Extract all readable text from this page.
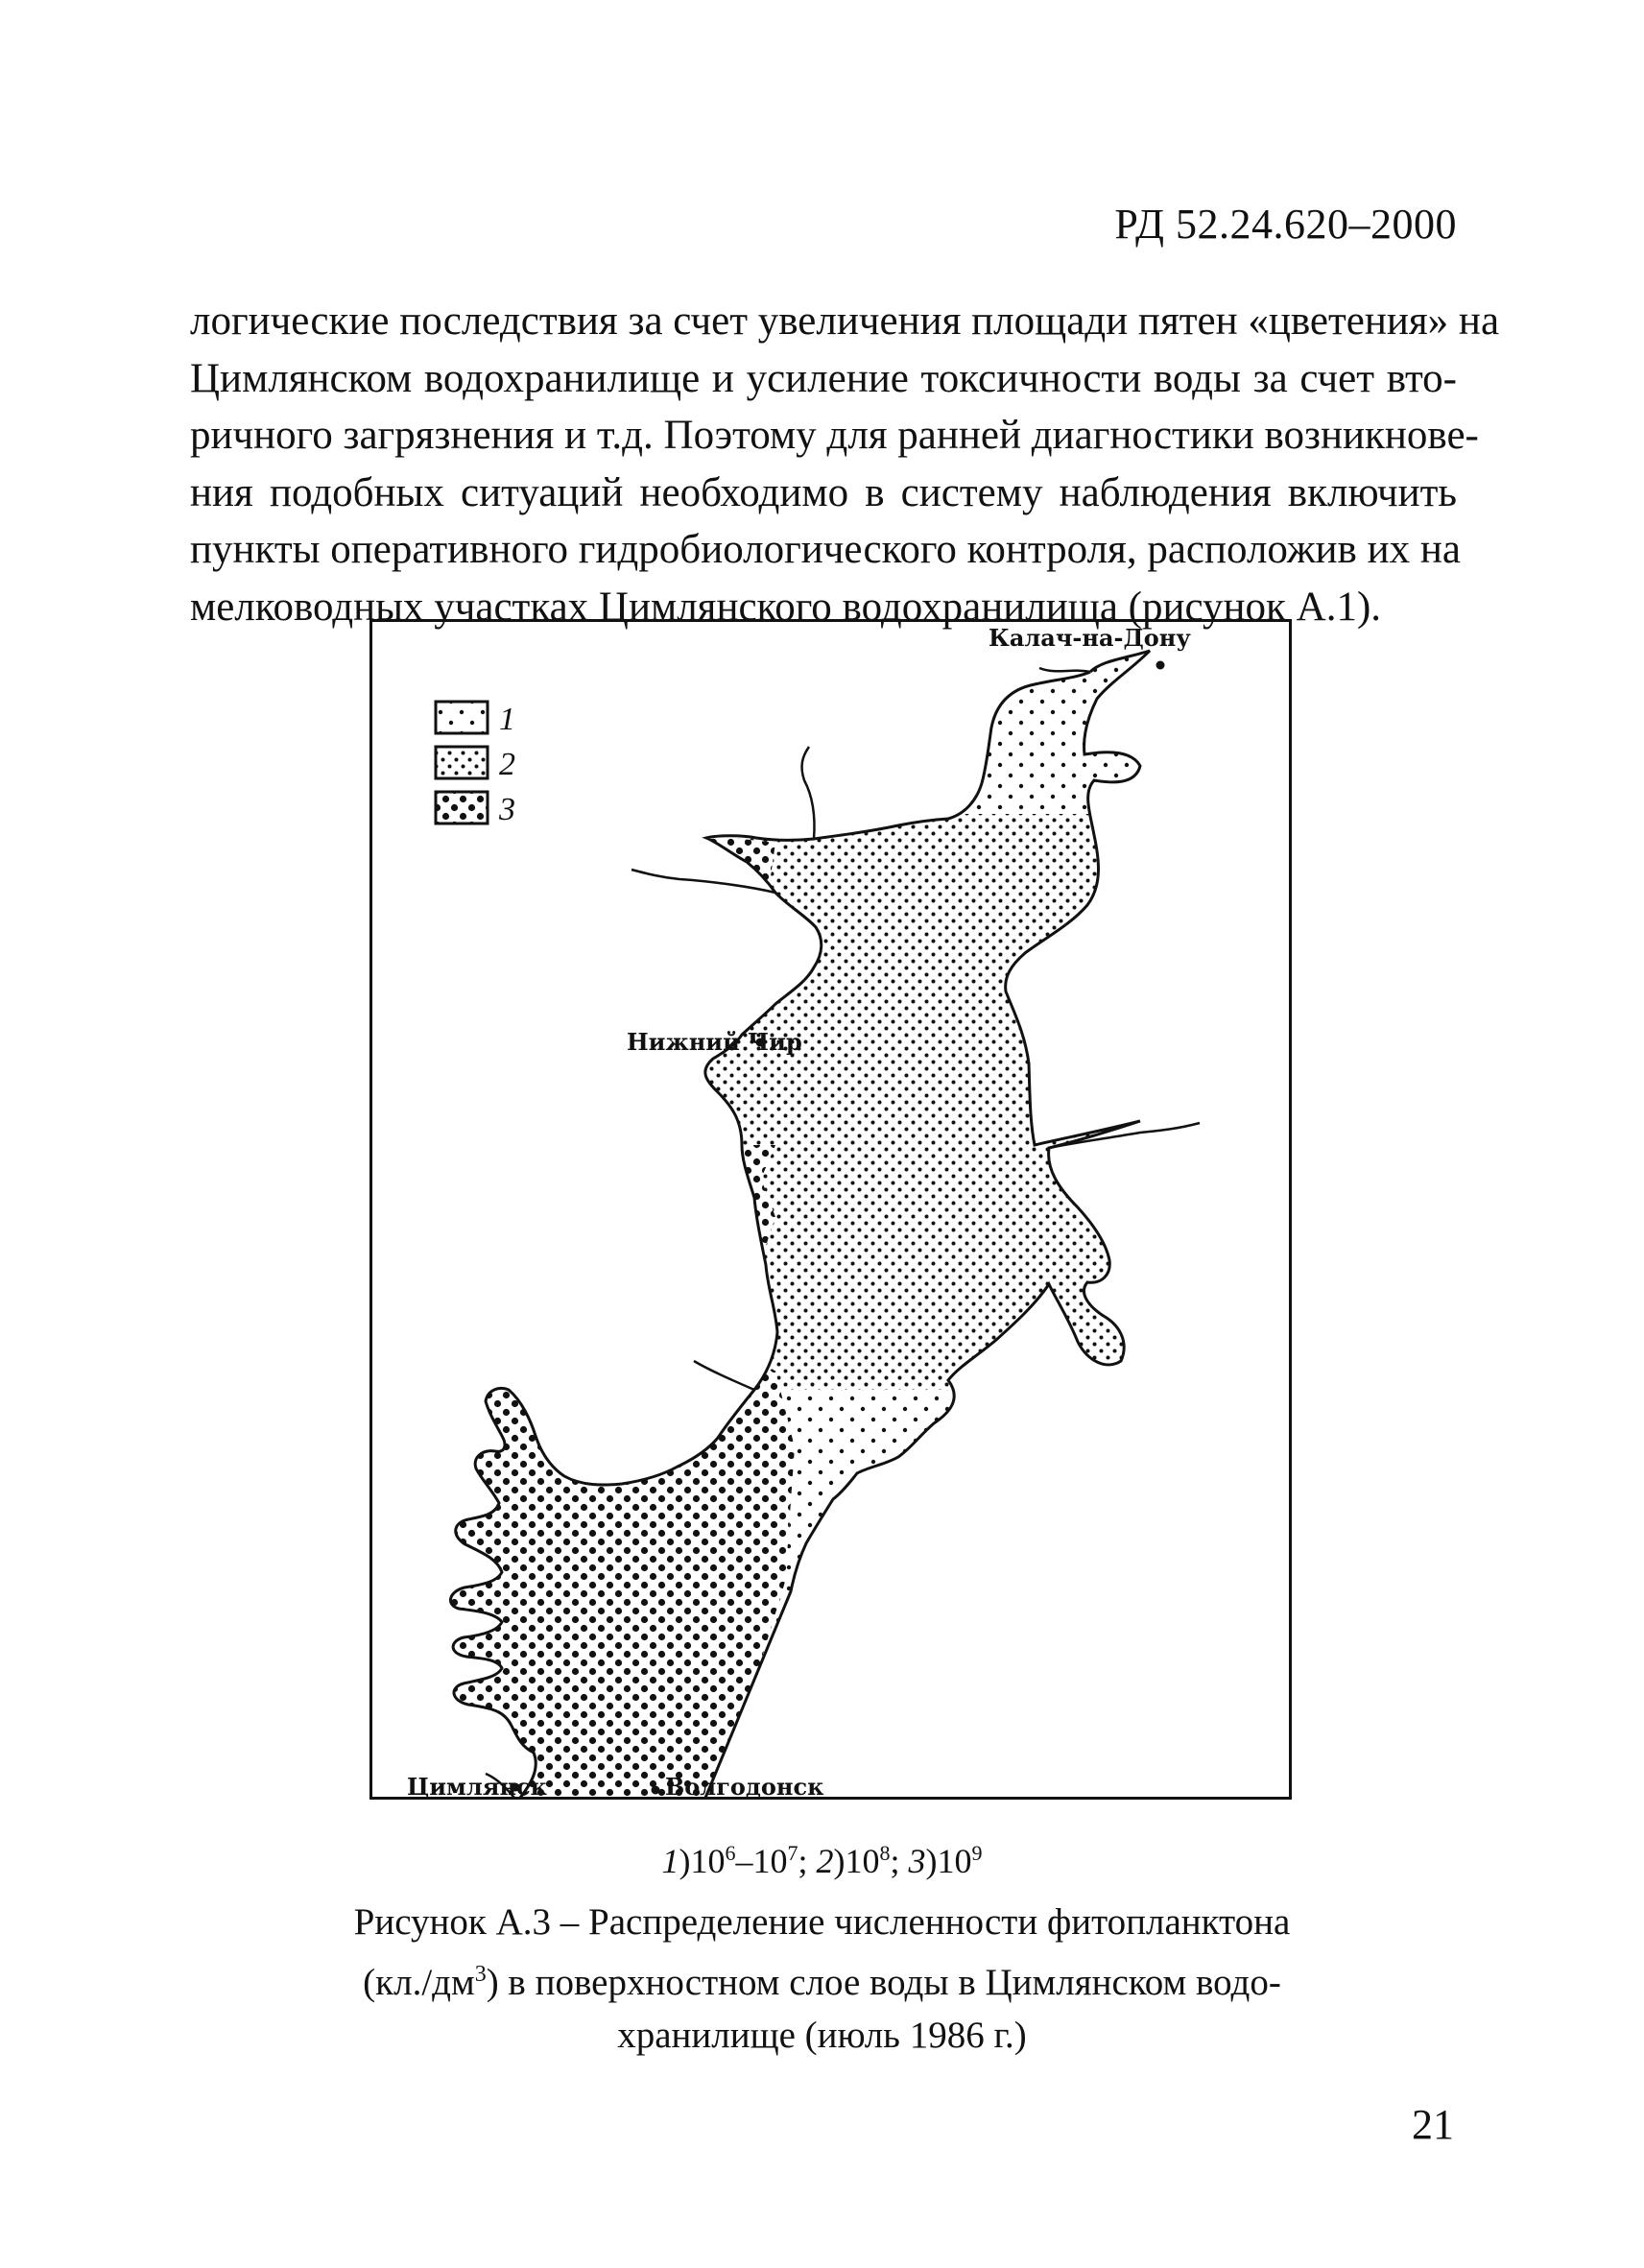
РД 52.24.620–2000
логические последствия за счет увеличения площади пятен «цветения» на
Цимлянском водохранилище и усиление токсичности воды за счет вто-
ричного загрязнения и т.д. Поэтому для ранней диагностики возникнове-
ния подобных ситуаций необходимо в систему наблюдения включить
пункты оперативного гидробиологического контроля, расположив их на
мелководных участках Цимлянского водохранилища (рисунок А.1).
1
2
3
Калач-на-Дону
Нижний Чир
Цимлянск	Волгодонск
$1)10^6-10^7$; $2)10^8$; $3)10^9$
Рисунок А.3 – Распределение численности фитопланктона
$(кл./дм^3)$ в поверхностном слое воды в Цимлянском водо-
хранилище (июль 1986 г.)
21
